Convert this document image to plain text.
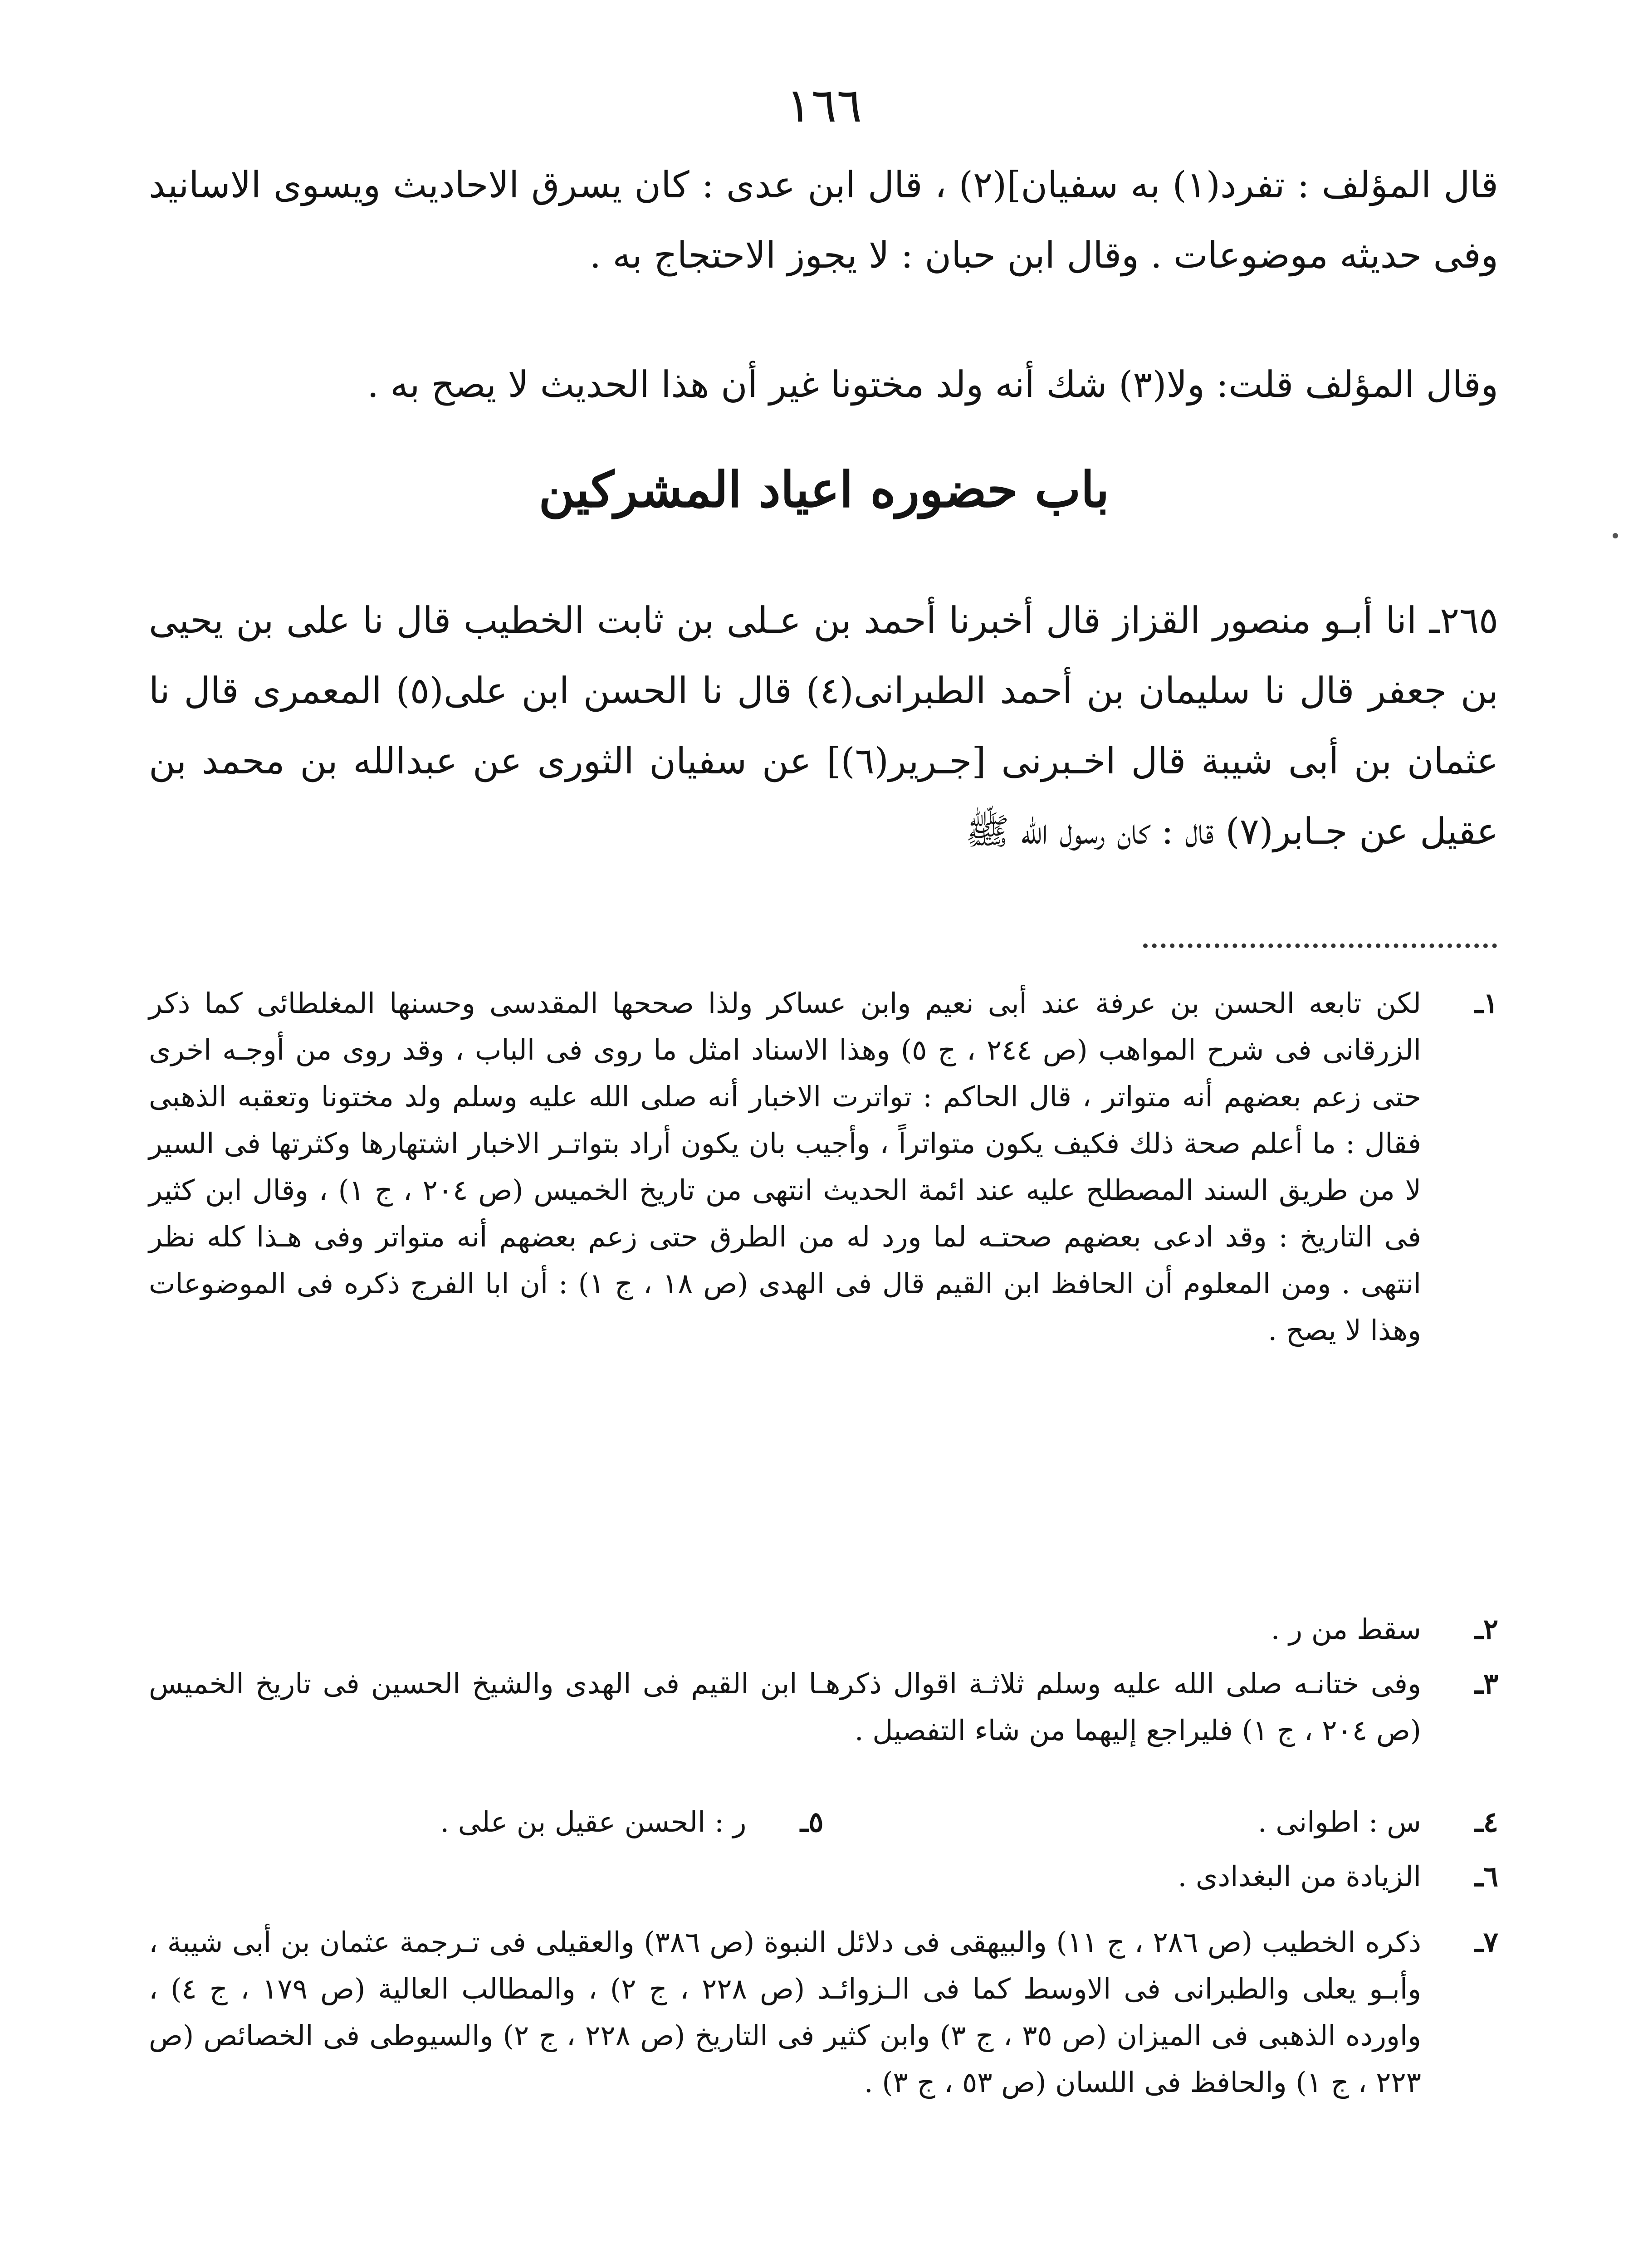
١٦٦

قال المؤلف : تفرد(١) به سفيان](٢) ، قال ابن عدى : كان يسرق الاحاديث ويسوى الاسانيد وفى حديثه موضوعات . وقال ابن حبان : لا يجوز الاحتجاج به .

وقال المؤلف قلت: ولا(٣) شك أنه ولد مختونا غير أن هذا الحديث لا يصح به .

باب حضوره اعياد المشركين

٢٦٥ـ انا أبـو منصور القزاز قال أخبرنا أحمد بن عـلى بن ثابت الخطيب قال نا على بن يحيى بن جعفر قال نا سليمان بن أحمد الطبرانى(٤) قال نا الحسن ابن على(٥) المعمرى قال نا عثمان بن أبى شيبة قال اخـبرنى [جـرير(٦)] عن سفيان الثورى عن عبدالله بن محمد بن عقيل عن جـابر(٧) قال : كان رسول الله ﷺ

١ـ
لكن تابعه الحسن بن عرفة عند أبى نعيم وابن عساكر ولذا صححها المقدسى وحسنها المغلطائى كما ذكر الزرقانى فى شرح المواهب (ص ٢٤٤ ، ج ٥) وهذا الاسناد امثل ما روى فى الباب ، وقد روى من أوجـه اخرى حتى زعم بعضهم أنه متواتر ، قال الحاكم : تواترت الاخبار أنه صلى الله عليه وسلم ولد مختونا وتعقبه الذهبى فقال : ما أعلم صحة ذلك فكيف يكون متواتراً ، وأجيب بان يكون أراد بتواتـر الاخبار اشتهارها وكثرتها فى السير لا من طريق السند المصطلح عليه عند ائمة الحديث انتهى من تاريخ الخميس (ص ٢٠٤ ، ج ١) ، وقال ابن كثير فى التاريخ : وقد ادعى بعضهم صحتـه لما ورد له من الطرق حتى زعم بعضهم أنه متواتر وفى هـذا كله نظر انتهى . ومن المعلوم أن الحافظ ابن القيم قال فى الهدى (ص ١٨ ، ج ١) : أن ابا الفرج ذكره فى الموضوعات وهذا لا يصح .
٢ـ
سقط من ر .
٣ـ
وفى ختانـه صلى الله عليه وسلم ثلاثـة اقوال ذكرهـا ابن القيم فى الهدى والشيخ الحسين فى تاريخ الخميس (ص ٢٠٤ ، ج ١) فليراجع إليهما من شاء التفصيل .
٤ـ
س : اطوانى .
٥ـ
ر : الحسن عقيل بن على .
٦ـ
الزيادة من البغدادى .
٧ـ
ذكره الخطيب (ص ٢٨٦ ، ج ١١) والبيهقى فى دلائل النبوة (ص ٣٨٦) والعقيلى فى تـرجمة عثمان بن أبى شيبة ، وأبـو يعلى والطبرانى فى الاوسط كما فى الـزوائـد (ص ٢٢٨ ، ج ٢) ، والمطالب العالية (ص ١٧٩ ، ج ٤) ، واورده الذهبى فى الميزان (ص ٣٥ ، ج ٣) وابن كثير فى التاريخ (ص ٢٢٨ ، ج ٢) والسيوطى فى الخصائص (ص ٢٢٣ ، ج ١) والحافظ فى اللسان (ص ٥٣ ، ج ٣) .
